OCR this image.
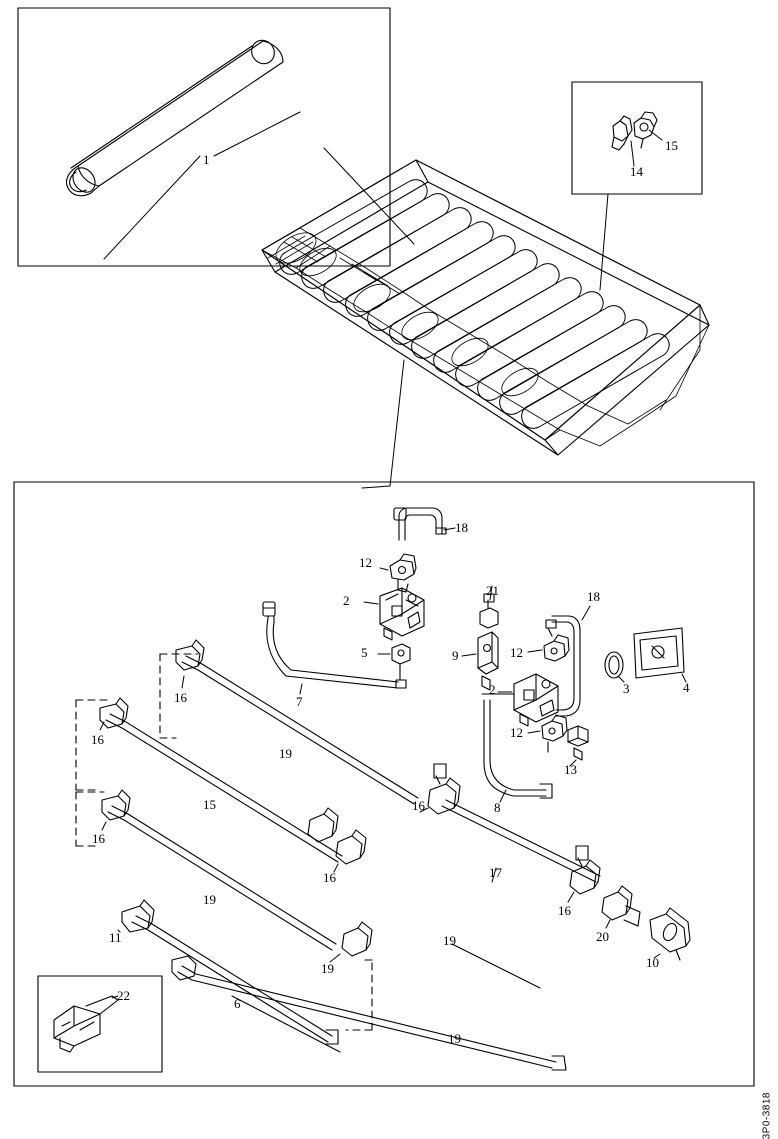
1
15
14
18
12
2
21	18
5	9	12
3	4
16
2
7
12
16
19
13
15	16	8
16
16	17
19
16
11	20
19
10
19
6
22
19
3P0-3818
